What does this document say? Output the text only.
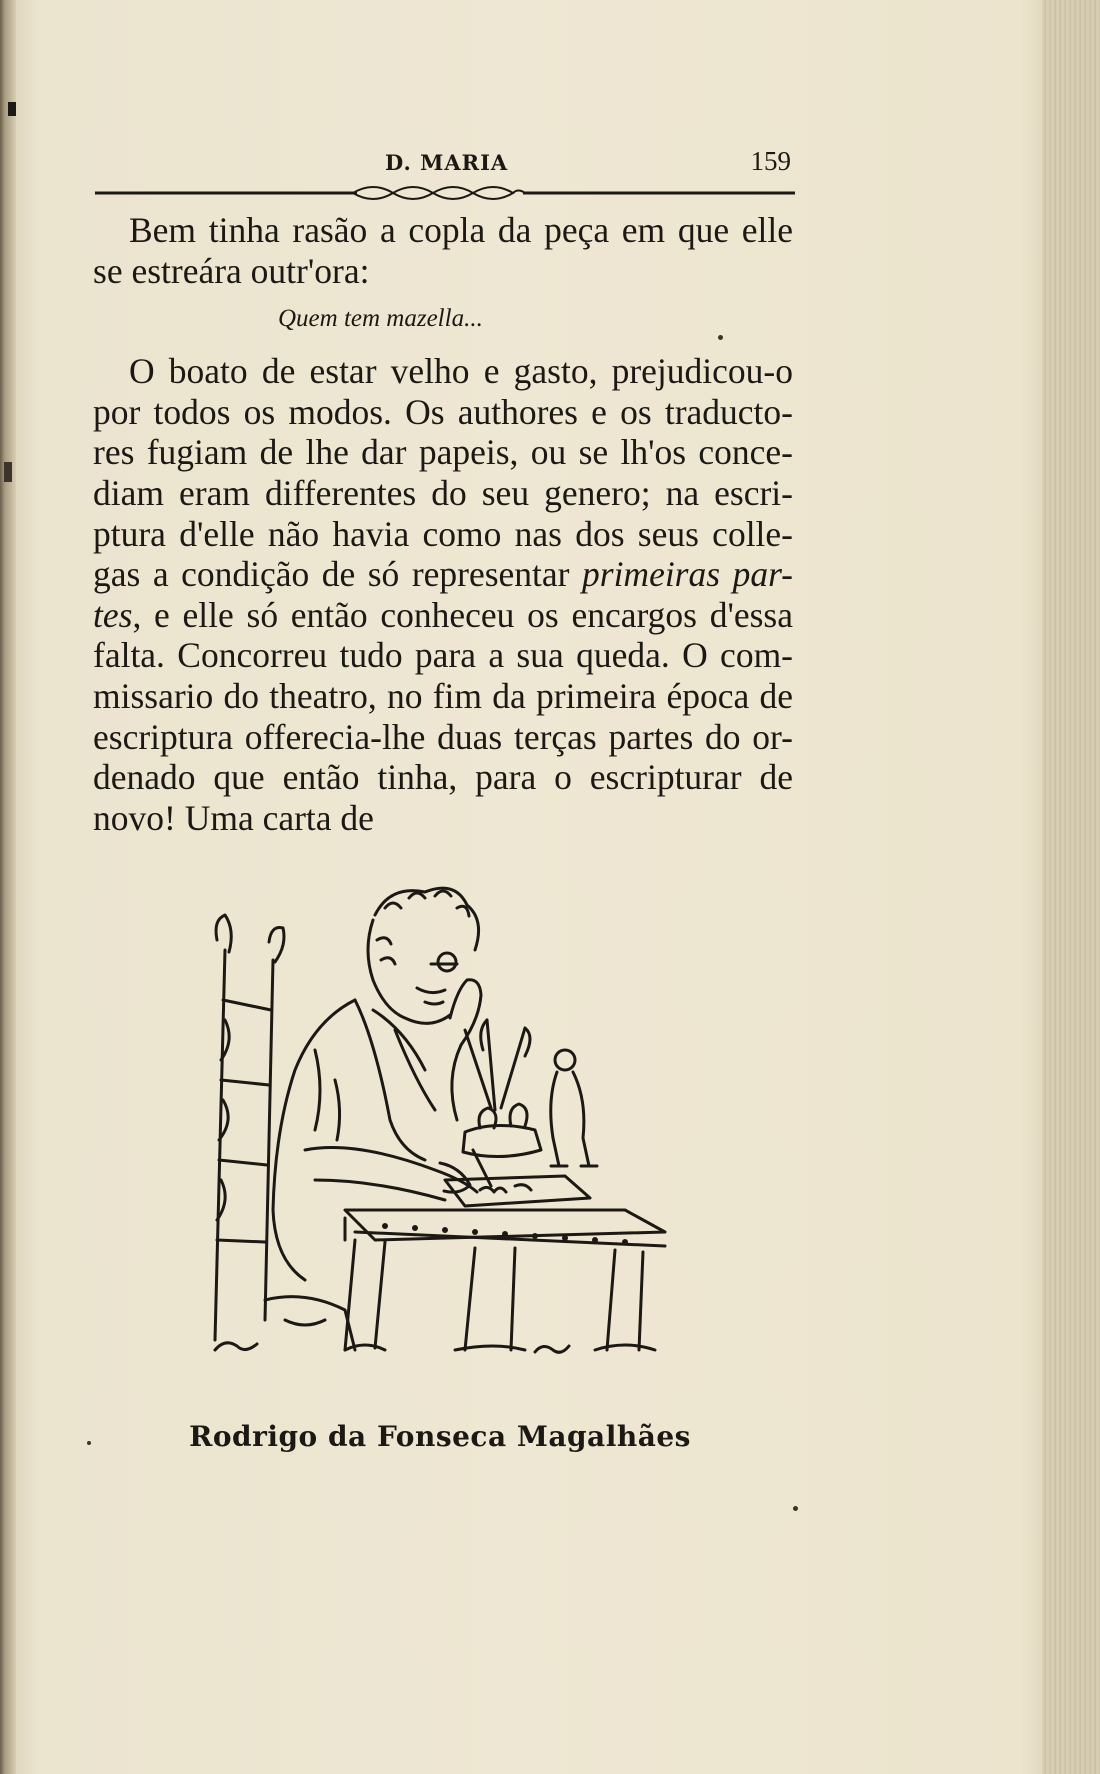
D. MARIA	159
Bem tinha rasão a copla da peça em que elle
se estreára outr'ora:
Quem tem mazella...
O boato de estar velho e gasto, prejudicou-o
por todos os modos. Os authores e os traducto-
res fugiam de lhe dar papeis, ou se lh'os conce-
diam eram differentes do seu genero; na escri-
ptura d'elle não havia como nas dos seus colle-
gas a condição de só representar primeiras par-
tes, e elle só então conheceu os encargos d'essa
falta. Concorreu tudo para a sua queda. O com-
missario do theatro, no fim da primeira época de
escriptura offerecia-lhe duas terças partes do or-
denado que então tinha, para o escripturar de
novo! Uma carta de
Rodrigo da Fonseca Magalhães
